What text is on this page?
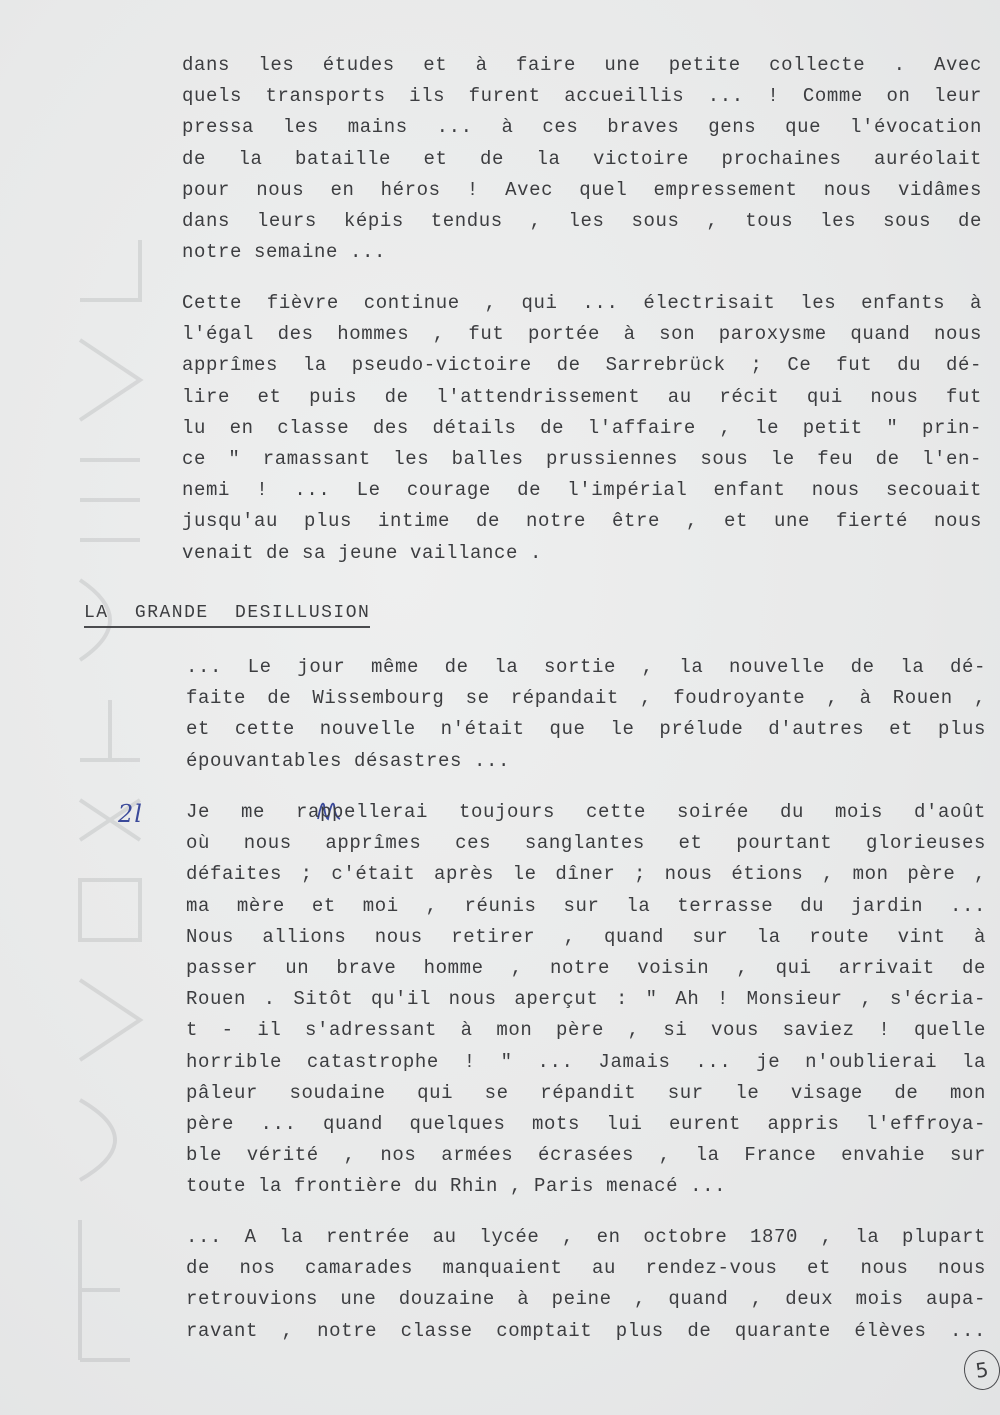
dans les études et à faire une petite collecte . Avec
quels transports ils furent accueillis ... ! Comme on leur
pressa les mains ... à ces braves gens que l'évocation
de la bataille et de la victoire prochaines auréolait
pour nous en héros ! Avec quel empressement nous vidâmes
dans leurs képis tendus , les sous , tous les sous de
notre semaine ...
Cette fièvre continue , qui ... électrisait les enfants à
l'égal des hommes , fut portée à son paroxysme quand nous
apprîmes la pseudo-victoire de Sarrebrück ; Ce fut du dé-
lire et puis de l'attendrissement au récit qui nous fut
lu en classe des détails de l'affaire , le petit " prin-
ce " ramassant les balles prussiennes sous le feu de l'en-
nemi ! ... Le courage de l'impérial enfant nous secouait
jusqu'au plus intime de notre être , et une fierté nous
venait de sa jeune vaillance .
LA GRANDE DESILLUSION
... Le jour même de la sortie , la nouvelle de la dé-
faite de Wissembourg se répandait , foudroyante , à Rouen ,
et cette nouvelle n'était que le prélude d'autres et plus
épouvantables désastres ...
2l Je me rappellerai toujours cette soirée du mois d'août
où nous apprîmes ces sanglantes et pourtant glorieuses
défaites ; c'était après le dîner ; nous étions , mon père ,
ma mère et moi , réunis sur la terrasse du jardin ...
Nous allions nous retirer , quand sur la route vint à
passer un brave homme , notre voisin , qui arrivait de
Rouen . Sitôt qu'il nous aperçut : " Ah ! Monsieur , s'écria-
t - il s'adressant à mon père , si vous saviez ! quelle
horrible catastrophe ! " ... Jamais ... je n'oublierai la
pâleur soudaine qui se répandit sur le visage de mon
père ... quand quelques mots lui eurent appris l'effroya-
ble vérité , nos armées écrasées , la France envahie sur
toute la frontière du Rhin , Paris menacé ...
... A la rentrée au lycée , en octobre 1870 , la plupart
de nos camarades manquaient au rendez-vous et nous nous
retrouvions une douzaine à peine , quand , deux mois aupa-
ravant , notre classe comptait plus de quarante élèves ...
5
